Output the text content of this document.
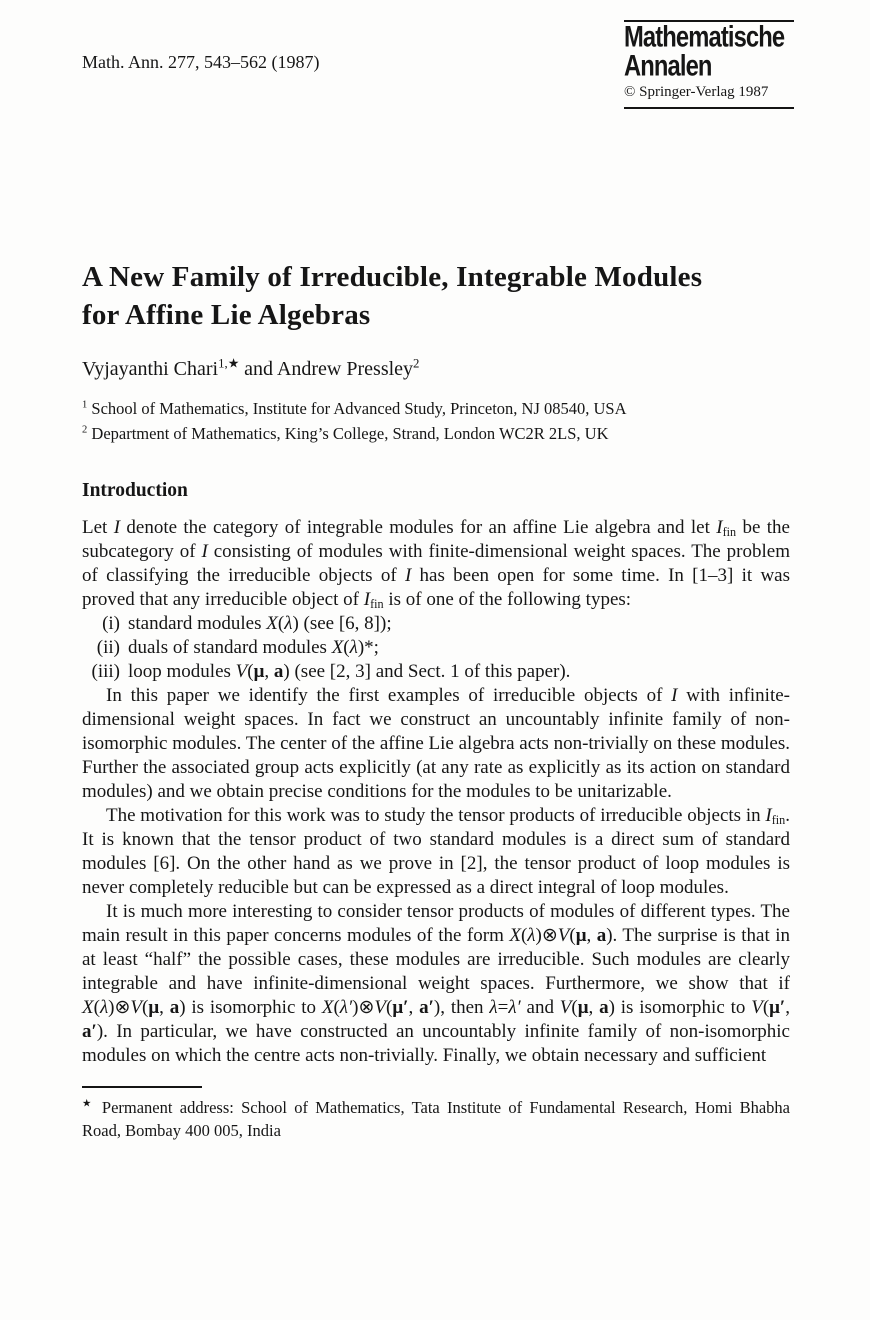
Math. Ann. 277, 543–562 (1987)
Mathematische
Annalen
© Springer-Verlag 1987
A New Family of Irreducible, Integrable Modules
for Affine Lie Algebras
Vyjayanthi Chari$^{1,★}$ and Andrew Pressley$^2$
$^1$ School of Mathematics, Institute for Advanced Study, Princeton, NJ 08540, USA
$^2$ Department of Mathematics, King’s College, Strand, London WC2R 2LS, UK
Introduction

Let I denote the category of integrable modules for an affine Lie algebra and let $I_{fin}$ be the subcategory of I consisting of modules with finite-dimensional weight spaces. The problem of classifying the irreducible objects of I has been open for some time. In [1–3] it was proved that any irreducible object of $I_{fin}$ is of one of the following types:

(i) standard modules X(λ) (see [6, 8]);
(ii) duals of standard modules X(λ)*;
(iii) loop modules V(μ, a) (see [2, 3] and Sect. 1 of this paper).

In this paper we identify the first examples of irreducible objects of I with infinite-dimensional weight spaces. In fact we construct an uncountably infinite family of non-isomorphic modules. The center of the affine Lie algebra acts non-trivially on these modules. Further the associated group acts explicitly (at any rate as explicitly as its action on standard modules) and we obtain precise conditions for the modules to be unitarizable.

The motivation for this work was to study the tensor products of irreducible objects in $I_{fin}$. It is known that the tensor product of two standard modules is a direct sum of standard modules [6]. On the other hand as we prove in [2], the tensor product of loop modules is never completely reducible but can be expressed as a direct integral of loop modules.

It is much more interesting to consider tensor products of modules of different types. The main result in this paper concerns modules of the form X(λ)⊗V(μ, a). The surprise is that in at least “half” the possible cases, these modules are irreducible. Such modules are clearly integrable and have infinite-dimensional weight spaces. Furthermore, we show that if X(λ)⊗V(μ, a) is isomorphic to X(λ′)⊗V(μ′, a′), then λ=λ′ and V(μ, a) is isomorphic to V(μ′, a′). In particular, we have constructed an uncountably infinite family of non-isomorphic modules on which the centre acts non-trivially. Finally, we obtain necessary and sufficient

★ Permanent address: School of Mathematics, Tata Institute of Fundamental Research, Homi Bhabha Road, Bombay 400 005, India
